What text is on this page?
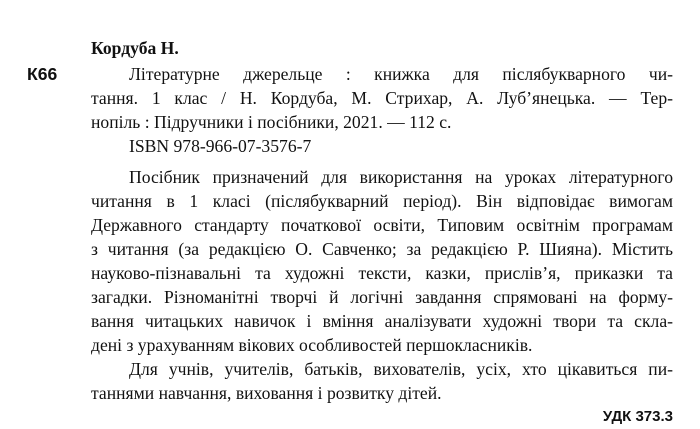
Кордуба Н.
К66	Літературне джерельце : книжка для післябукварного чи-
тання. 1 клас / Н. Кордуба, М. Стрихар, А. Луб’янецька. — Тер-
нопіль : Підручники і посібники, 2021. — 112 с.
ISBN 978-966-07-3576-7
Посібник призначений для використання на уроках літературного
читання в 1 класі (післябукварний період). Він відповідає вимогам
Державного стандарту початкової освіти, Типовим освітнім програмам
з читання (за редакцією О. Савченко; за редакцією Р. Шияна). Містить
науково-пізнавальні та художні тексти, казки, прислів’я, приказки та
загадки. Різноманітні творчі й логічні завдання спрямовані на форму-
вання читацьких навичок і вміння аналізувати художні твори та скла-
дені з урахуванням вікових особливостей першокласників.
Для учнів, учителів, батьків, вихователів, усіх, хто цікавиться пи-
таннями навчання, виховання і розвитку дітей.
УДК 373.3
